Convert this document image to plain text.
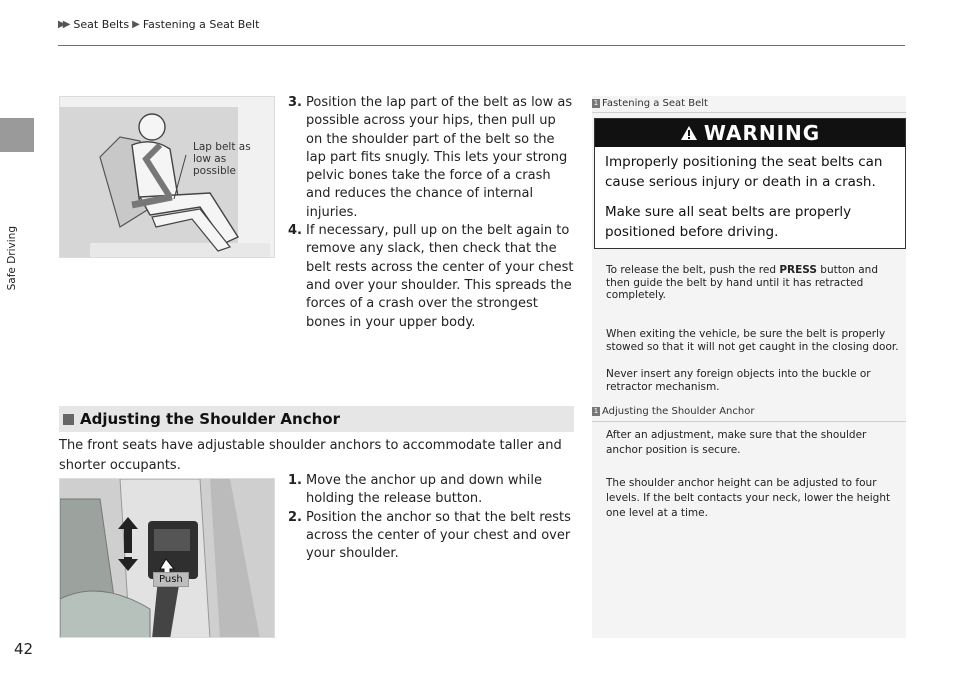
▶▶ Seat Belts ▶ Fastening a Seat Belt
Safe Driving
42
Lap belt as low as possible
3. Position the lap part of the belt as low as possible across your hips, then pull up on the shoulder part of the belt so the lap part fits snugly. This lets your strong pelvic bones take the force of a crash and reduces the chance of internal injuries.
4. If necessary, pull up on the belt again to remove any slack, then check that the belt rests across the center of your chest and over your shoulder. This spreads the forces of a crash over the strongest bones in your upper body.
Adjusting the Shoulder Anchor
The front seats have adjustable shoulder anchors to accommodate taller and shorter occupants.
Push
1. Move the anchor up and down while holding the release button.
2. Position the anchor so that the belt rests across the center of your chest and over your shoulder.
1 Fastening a Seat Belt
WARNING

Improperly positioning the seat belts can cause serious injury or death in a crash.

Make sure all seat belts are properly positioned before driving.

To release the belt, push the red PRESS button and then guide the belt by hand until it has retracted completely.
When exiting the vehicle, be sure the belt is properly stowed so that it will not get caught in the closing door.
Never insert any foreign objects into the buckle or retractor mechanism.
1 Adjusting the Shoulder Anchor
After an adjustment, make sure that the shoulder anchor position is secure.
The shoulder anchor height can be adjusted to four levels. If the belt contacts your neck, lower the height one level at a time.
